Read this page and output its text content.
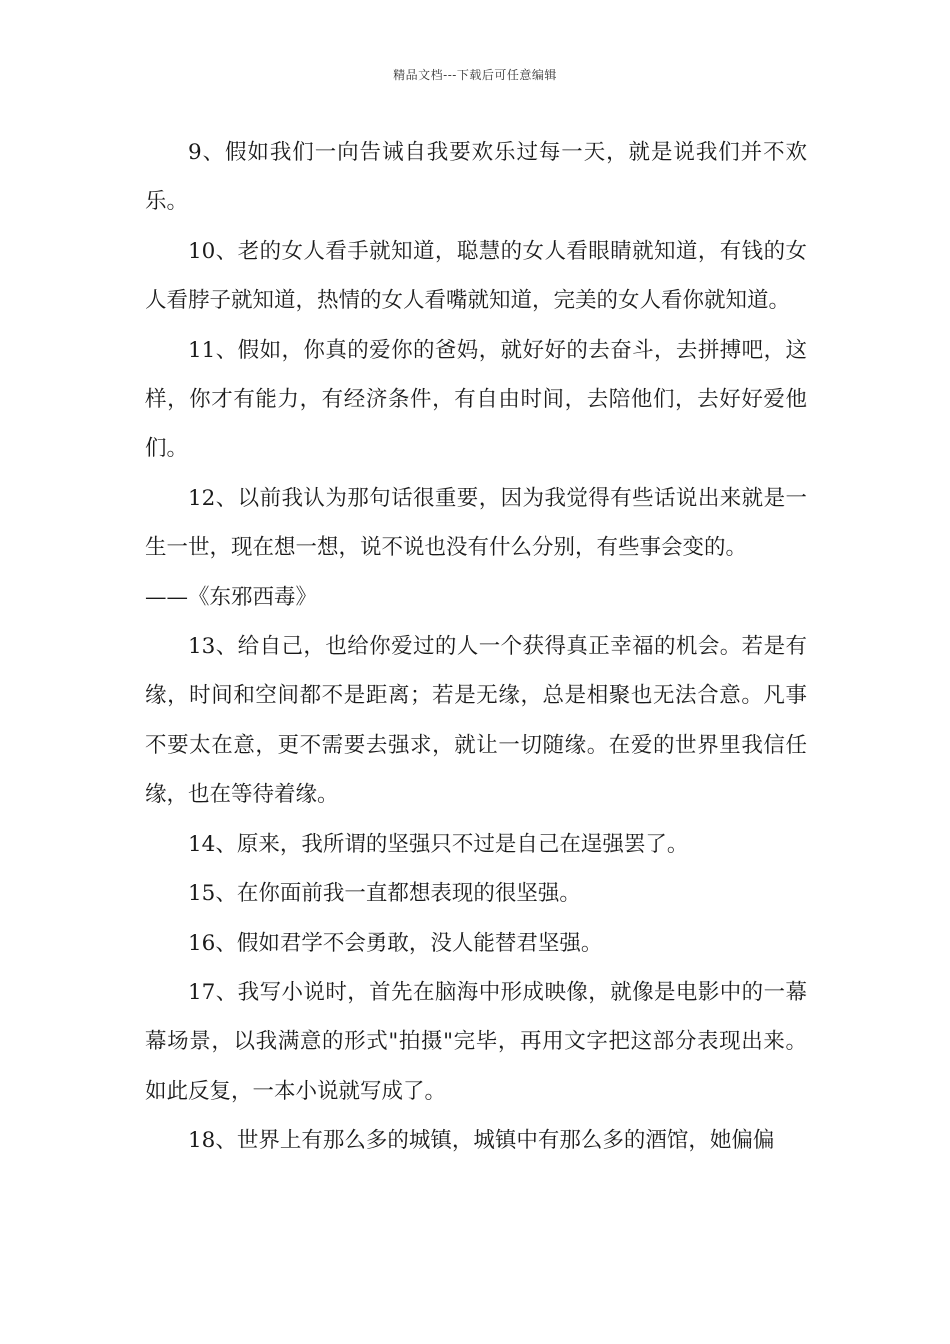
精品文档---下载后可任意编辑

9、假如我们一向告诫自我要欢乐过每一天，就是说我们并不欢乐。

10、老的女人看手就知道，聪慧的女人看眼睛就知道，有钱的女人看脖子就知道，热情的女人看嘴就知道，完美的女人看你就知道。

11、假如，你真的爱你的爸妈，就好好的去奋斗，去拼搏吧，这样，你才有能力，有经济条件，有自由时间，去陪他们，去好好爱他们。

12、以前我认为那句话很重要，因为我觉得有些话说出来就是一生一世，现在想一想，说不说也没有什么分别，有些事会变的。

——《东邪西毒》

13、给自己，也给你爱过的人一个获得真正幸福的机会。若是有缘，时间和空间都不是距离；若是无缘，总是相聚也无法合意。凡事不要太在意，更不需要去强求，就让一切随缘。在爱的世界里我信任缘，也在等待着缘。

14、原来，我所谓的坚强只不过是自己在逞强罢了。

15、在你面前我一直都想表现的很坚强。

16、假如君学不会勇敢，没人能替君坚强。

17、我写小说时，首先在脑海中形成映像，就像是电影中的一幕幕场景，以我满意的形式"拍摄"完毕，再用文字把这部分表现出来。如此反复，一本小说就写成了。

18、世界上有那么多的城镇，城镇中有那么多的酒馆，她偏偏
